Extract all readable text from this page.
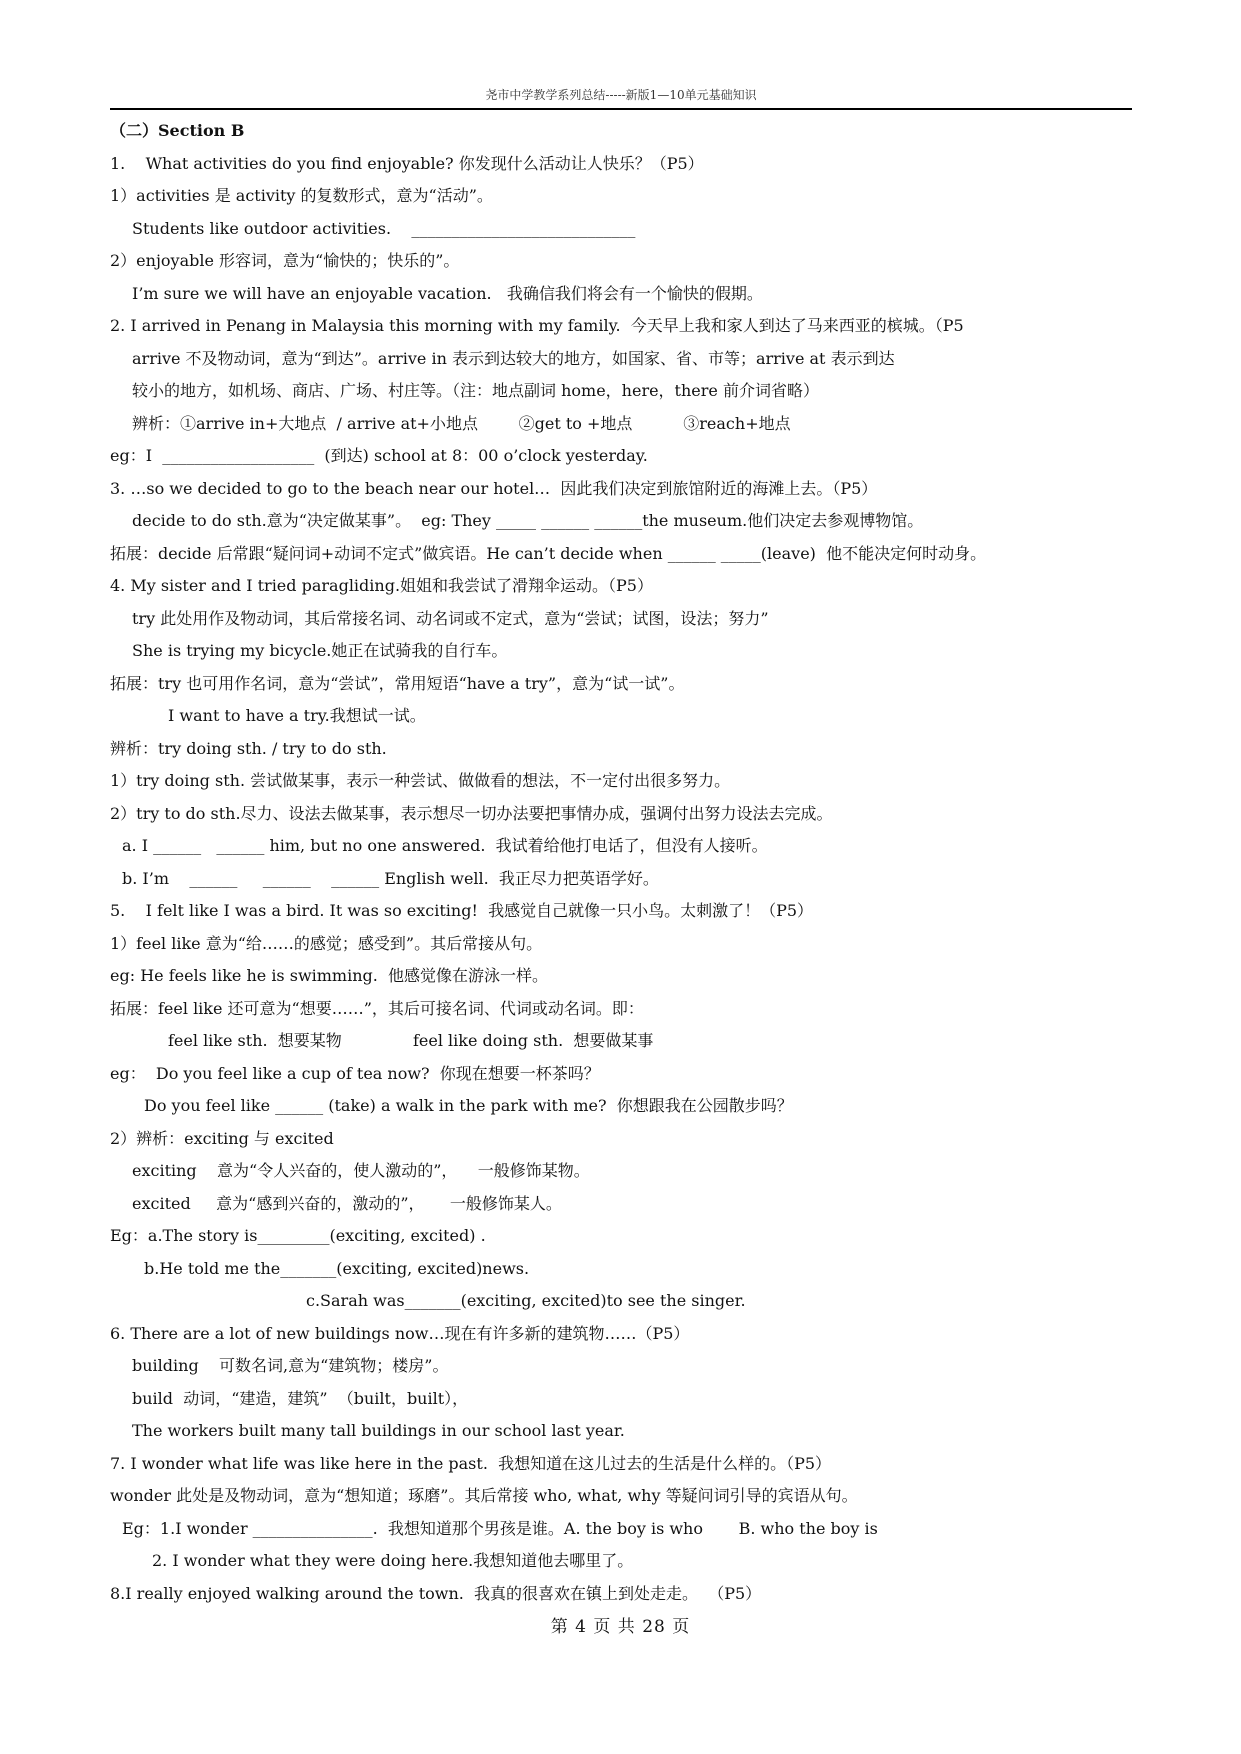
尧市中学教学系列总结-----新版1—10单元基础知识
（二）Section B
1.    What activities do you find enjoyable? 你发现什么活动让人快乐？（P5）
1）activities 是 activity 的复数形式，意为“活动”。
Students like outdoor activities.    ____________________________
2）enjoyable 形容词，意为“愉快的；快乐的”。
I’m sure we will have an enjoyable vacation.   我确信我们将会有一个愉快的假期。
2. I arrived in Penang in Malaysia this morning with my family.  今天早上我和家人到达了马来西亚的槟城。（P5
arrive 不及物动词，意为“到达”。arrive in 表示到达较大的地方，如国家、省、市等；arrive at 表示到达
较小的地方，如机场、商店、广场、村庄等。（注：地点副词 home，here，there 前介词省略）
辨析：①arrive in+大地点  / arrive at+小地点        ②get to +地点          ③reach+地点
eg：I  ___________________  (到达) school at 8：00 o’clock yesterday.
3. …so we decided to go to the beach near our hotel…  因此我们决定到旅馆附近的海滩上去。（P5）
decide to do sth.意为“决定做某事”。  eg: They _____ ______ ______the museum.他们决定去参观博物馆。
拓展：decide 后常跟“疑问词+动词不定式”做宾语。He can’t decide when ______ _____(leave)  他不能决定何时动身。
4. My sister and I tried paragliding.姐姐和我尝试了滑翔伞运动。（P5）
try 此处用作及物动词，其后常接名词、动名词或不定式，意为“尝试；试图，设法；努力”
She is trying my bicycle.她正在试骑我的自行车。
拓展：try 也可用作名词，意为“尝试”，常用短语“have a try”，意为“试一试”。
I want to have a try.我想试一试。
辨析：try doing sth. / try to do sth.
1）try doing sth. 尝试做某事，表示一种尝试、做做看的想法，不一定付出很多努力。
2）try to do sth.尽力、设法去做某事，表示想尽一切办法要把事情办成，强调付出努力设法去完成。
a. I ______   ______ him, but no one answered.  我试着给他打电话了，但没有人接听。
b. I’m    ______     ______    ______ English well.  我正尽力把英语学好。
5.    I felt like I was a bird. It was so exciting!  我感觉自己就像一只小鸟。太刺激了！（P5）
1）feel like 意为“给……的感觉；感受到”。其后常接从句。
eg: He feels like he is swimming.  他感觉像在游泳一样。
拓展：feel like 还可意为“想要……”，其后可接名词、代词或动名词。即：
feel like sth.  想要某物              feel like doing sth.  想要做某事
eg：  Do you feel like a cup of tea now?  你现在想要一杯茶吗？
Do you feel like ______ (take) a walk in the park with me?  你想跟我在公园散步吗？
2）辨析：exciting 与 excited
exciting    意为“令人兴奋的，使人激动的”，    一般修饰某物。
excited     意为“感到兴奋的，激动的”，     一般修饰某人。
Eg：a.The story is_________(exciting, excited) .
b.He told me the_______(exciting, excited)news.
c.Sarah was_______(exciting, excited)to see the singer.
6. There are a lot of new buildings now…现在有许多新的建筑物……（P5）
building    可数名词,意为“建筑物；楼房”。
build  动词，“建造，建筑”  （built，built），
The workers built many tall buildings in our school last year.
7. I wonder what life was like here in the past.  我想知道在这儿过去的生活是什么样的。（P5）
wonder 此处是及物动词，意为“想知道；琢磨”。其后常接 who, what, why 等疑问词引导的宾语从句。
Eg：1.I wonder _______________.  我想知道那个男孩是谁。A. the boy is who       B. who the boy is
2. I wonder what they were doing here.我想知道他去哪里了。
8.I really enjoyed walking around the town.  我真的很喜欢在镇上到处走走。  （P5）
第 4 页 共 28 页
